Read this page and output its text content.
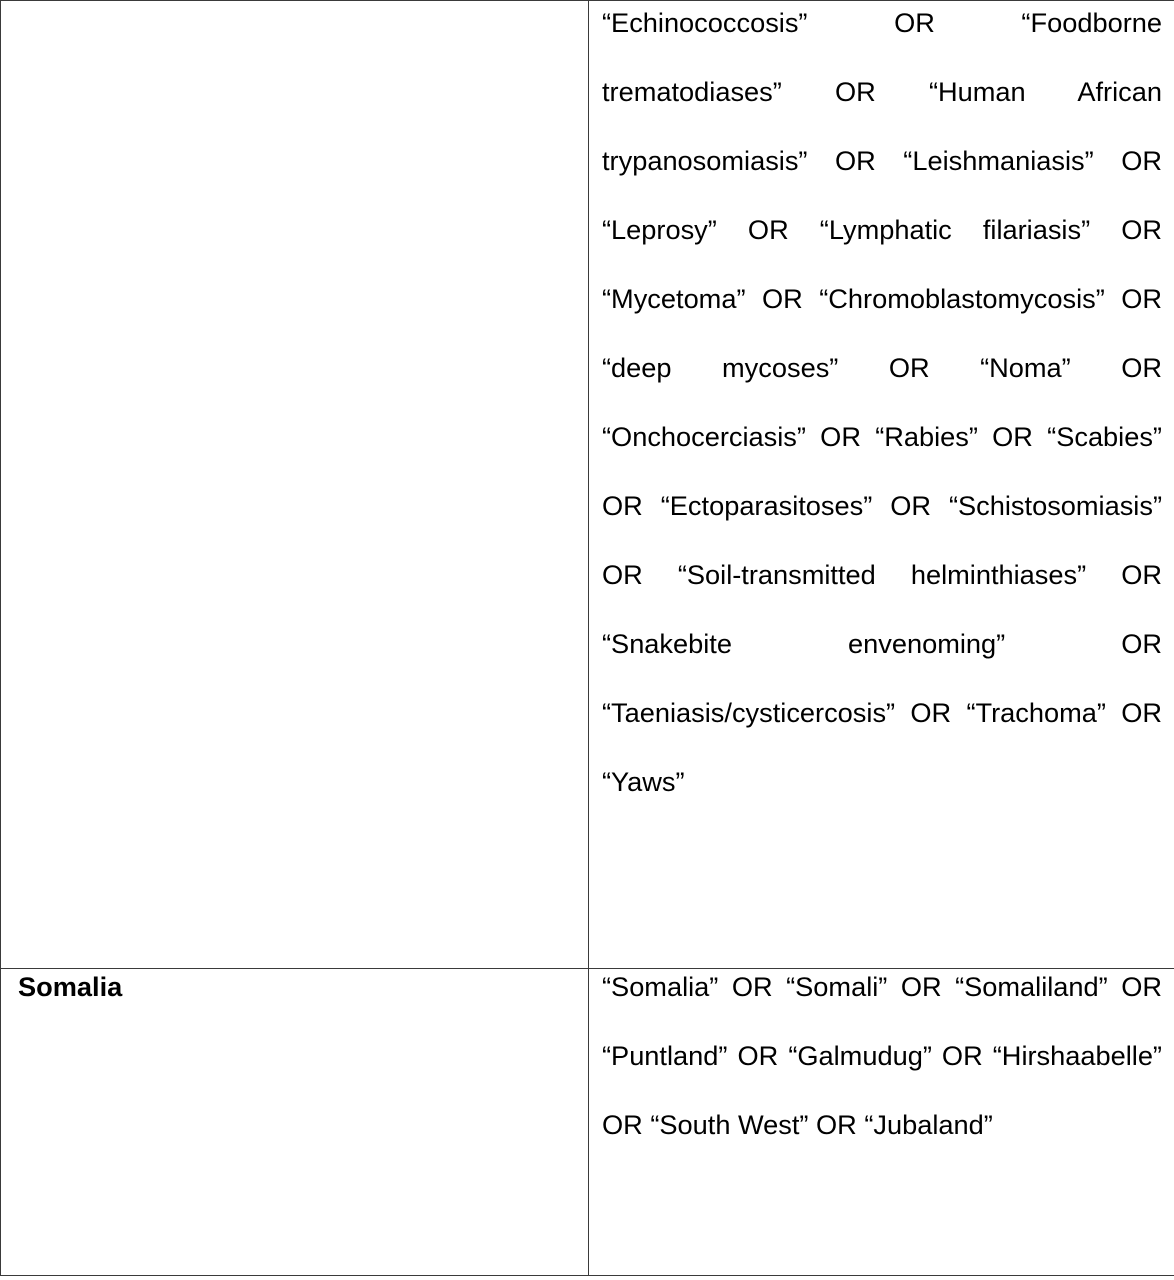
	“Echinococcosis” OR “Foodborne trematodiases” OR “Human African trypanosomiasis” OR “Leishmaniasis” OR “Leprosy” OR “Lymphatic filariasis” OR “Mycetoma” OR “Chromoblastomycosis” OR “deep mycoses” OR “Noma” OR “Onchocerciasis” OR “Rabies” OR “Scabies” OR “Ectoparasitoses” OR “Schistosomiasis” OR “Soil-transmitted helminthiases” OR “Snakebite envenoming” OR “Taeniasis/cysticercosis” OR “Trachoma” OR “Yaws”

Somalia	“Somalia” OR “Somali” OR “Somaliland” OR “Puntland” OR “Galmudug” OR “Hirshaabelle” OR “South West” OR “Jubaland”
